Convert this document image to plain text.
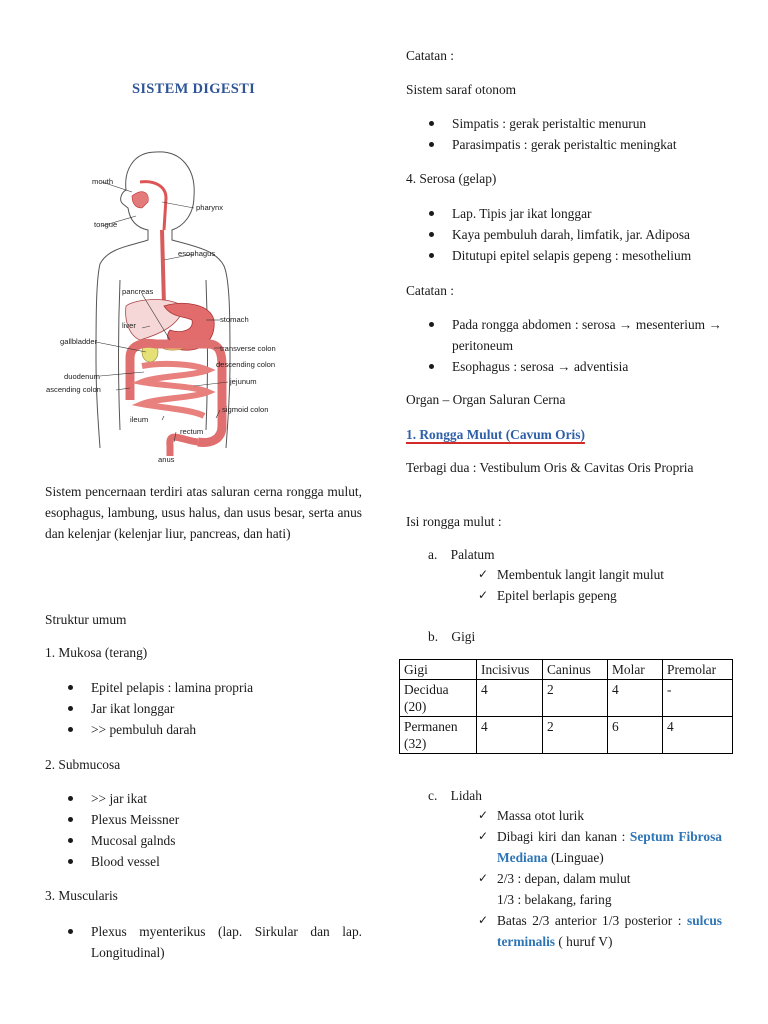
SISTEM DIGESTI
mouth
pharynx
tongue
esophagus
pancreas
stomach
liver
gallbladder
transverse colon
descending colon
duodenum
jejunum
ascending colon
sigmoid colon
ileum
rectum
anus

Sistem pencernaan terdiri atas saluran cerna rongga mulut, esophagus, lambung, usus halus, dan usus besar, serta anus dan kelenjar (kelenjar liur, pancreas, dan hati)

Struktur umum

1. Mukosa (terang)

Epitel pelapis : lamina propria
Jar ikat longgar
>> pembuluh darah

2. Submucosa

>> jar ikat
Plexus Meissner
Mucosal galnds
Blood vessel

3. Muscularis

Plexus myenterikus (lap. Sirkular dan lap. Longitudinal)

Catatan :

Sistem saraf otonom

Simpatis : gerak peristaltic menurun
Parasimpatis : gerak peristaltic meningkat

4. Serosa (gelap)

Lap. Tipis jar ikat longgar
Kaya pembuluh darah, limfatik, jar. Adiposa
Ditutupi epitel selapis gepeng : mesothelium

Catatan :

Pada rongga abdomen : serosa → mesenterium → peritoneum
Esophagus : serosa → adventisia

Organ – Organ Saluran Cerna

1. Rongga Mulut (Cavum Oris)

Terbagi dua : Vestibulum Oris & Cavitas Oris Propria

Isi rongga mulut :

a. Palatum
✓ Membentuk langit langit mulut
✓ Epitel berlapis gepeng
b. Gigi
Gigi	Incisivus	Caninus	Molar	Premolar
Decidua (20)	4	2	4	-
Permanen (32)	4	2	6	4
c. Lidah
✓ Massa otot lurik
✓ Dibagi kiri dan kanan : Septum Fibrosa Mediana (Linguae)
✓ 2/3 : depan, dalam mulut
1/3 : belakang, faring
✓ Batas 2/3 anterior 1/3 posterior : sulcus terminalis ( huruf V)
